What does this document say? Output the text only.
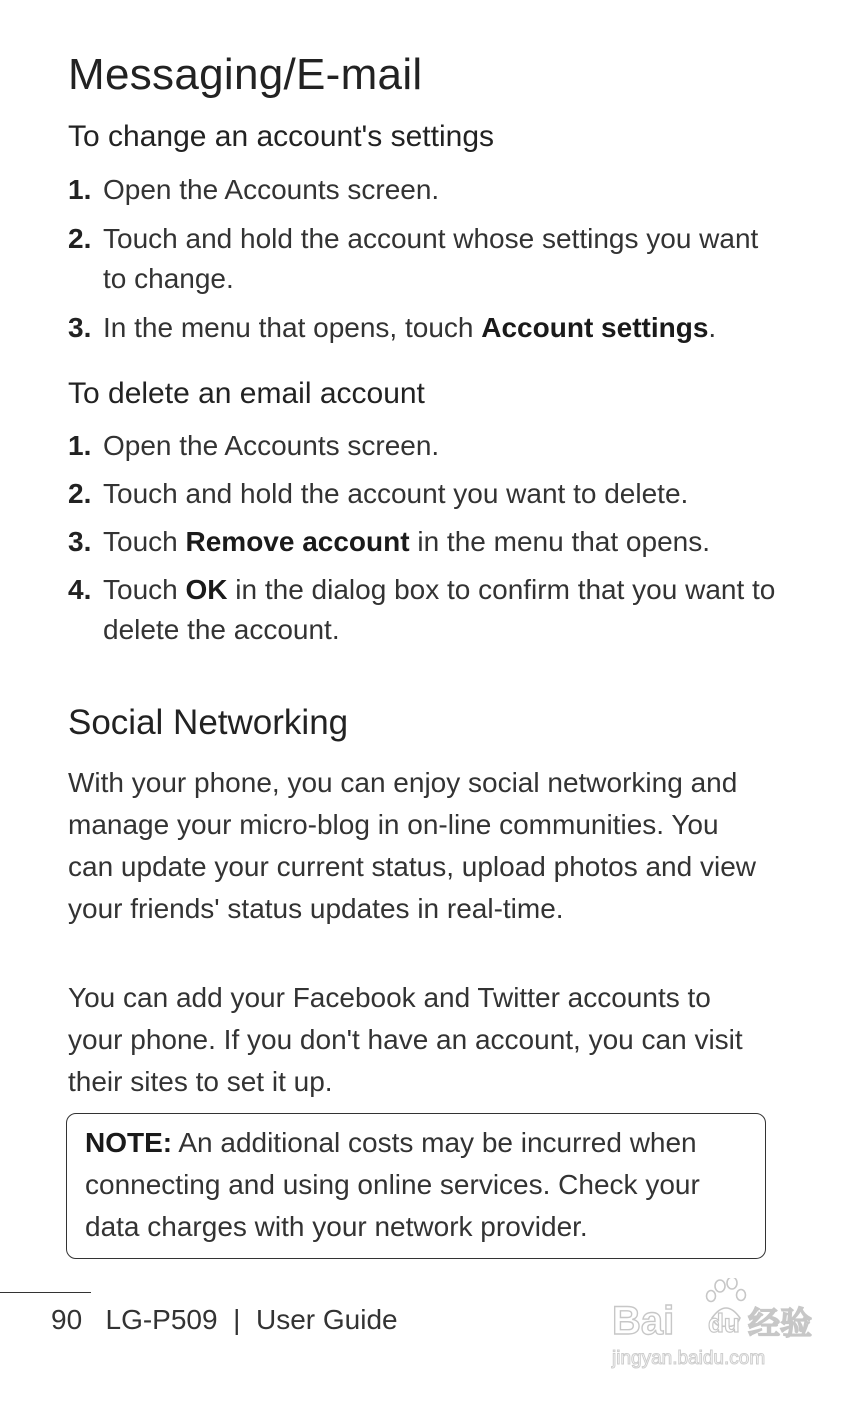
Messaging/E-mail
To change an account's settings
1. Open the Accounts screen.
2. Touch and hold the account whose settings you want to change.
3. In the menu that opens, touch Account settings.
To delete an email account
1. Open the Accounts screen.
2. Touch and hold the account you want to delete.
3. Touch Remove account in the menu that opens.
4. Touch OK in the dialog box to confirm that you want to delete the account.
Social Networking

With your phone, you can enjoy social networking and manage your micro-blog in on-line communities. You can update your current status, upload photos and view your friends' status updates in real-time.

You can add your Facebook and Twitter accounts to your phone. If you don't have an account, you can visit their sites to set it up.

NOTE: An additional costs may be incurred when connecting and using online services. Check your data charges with your network provider.

90 LG-P509 | User Guide	Bai du 经验
jingyan.baidu.com
